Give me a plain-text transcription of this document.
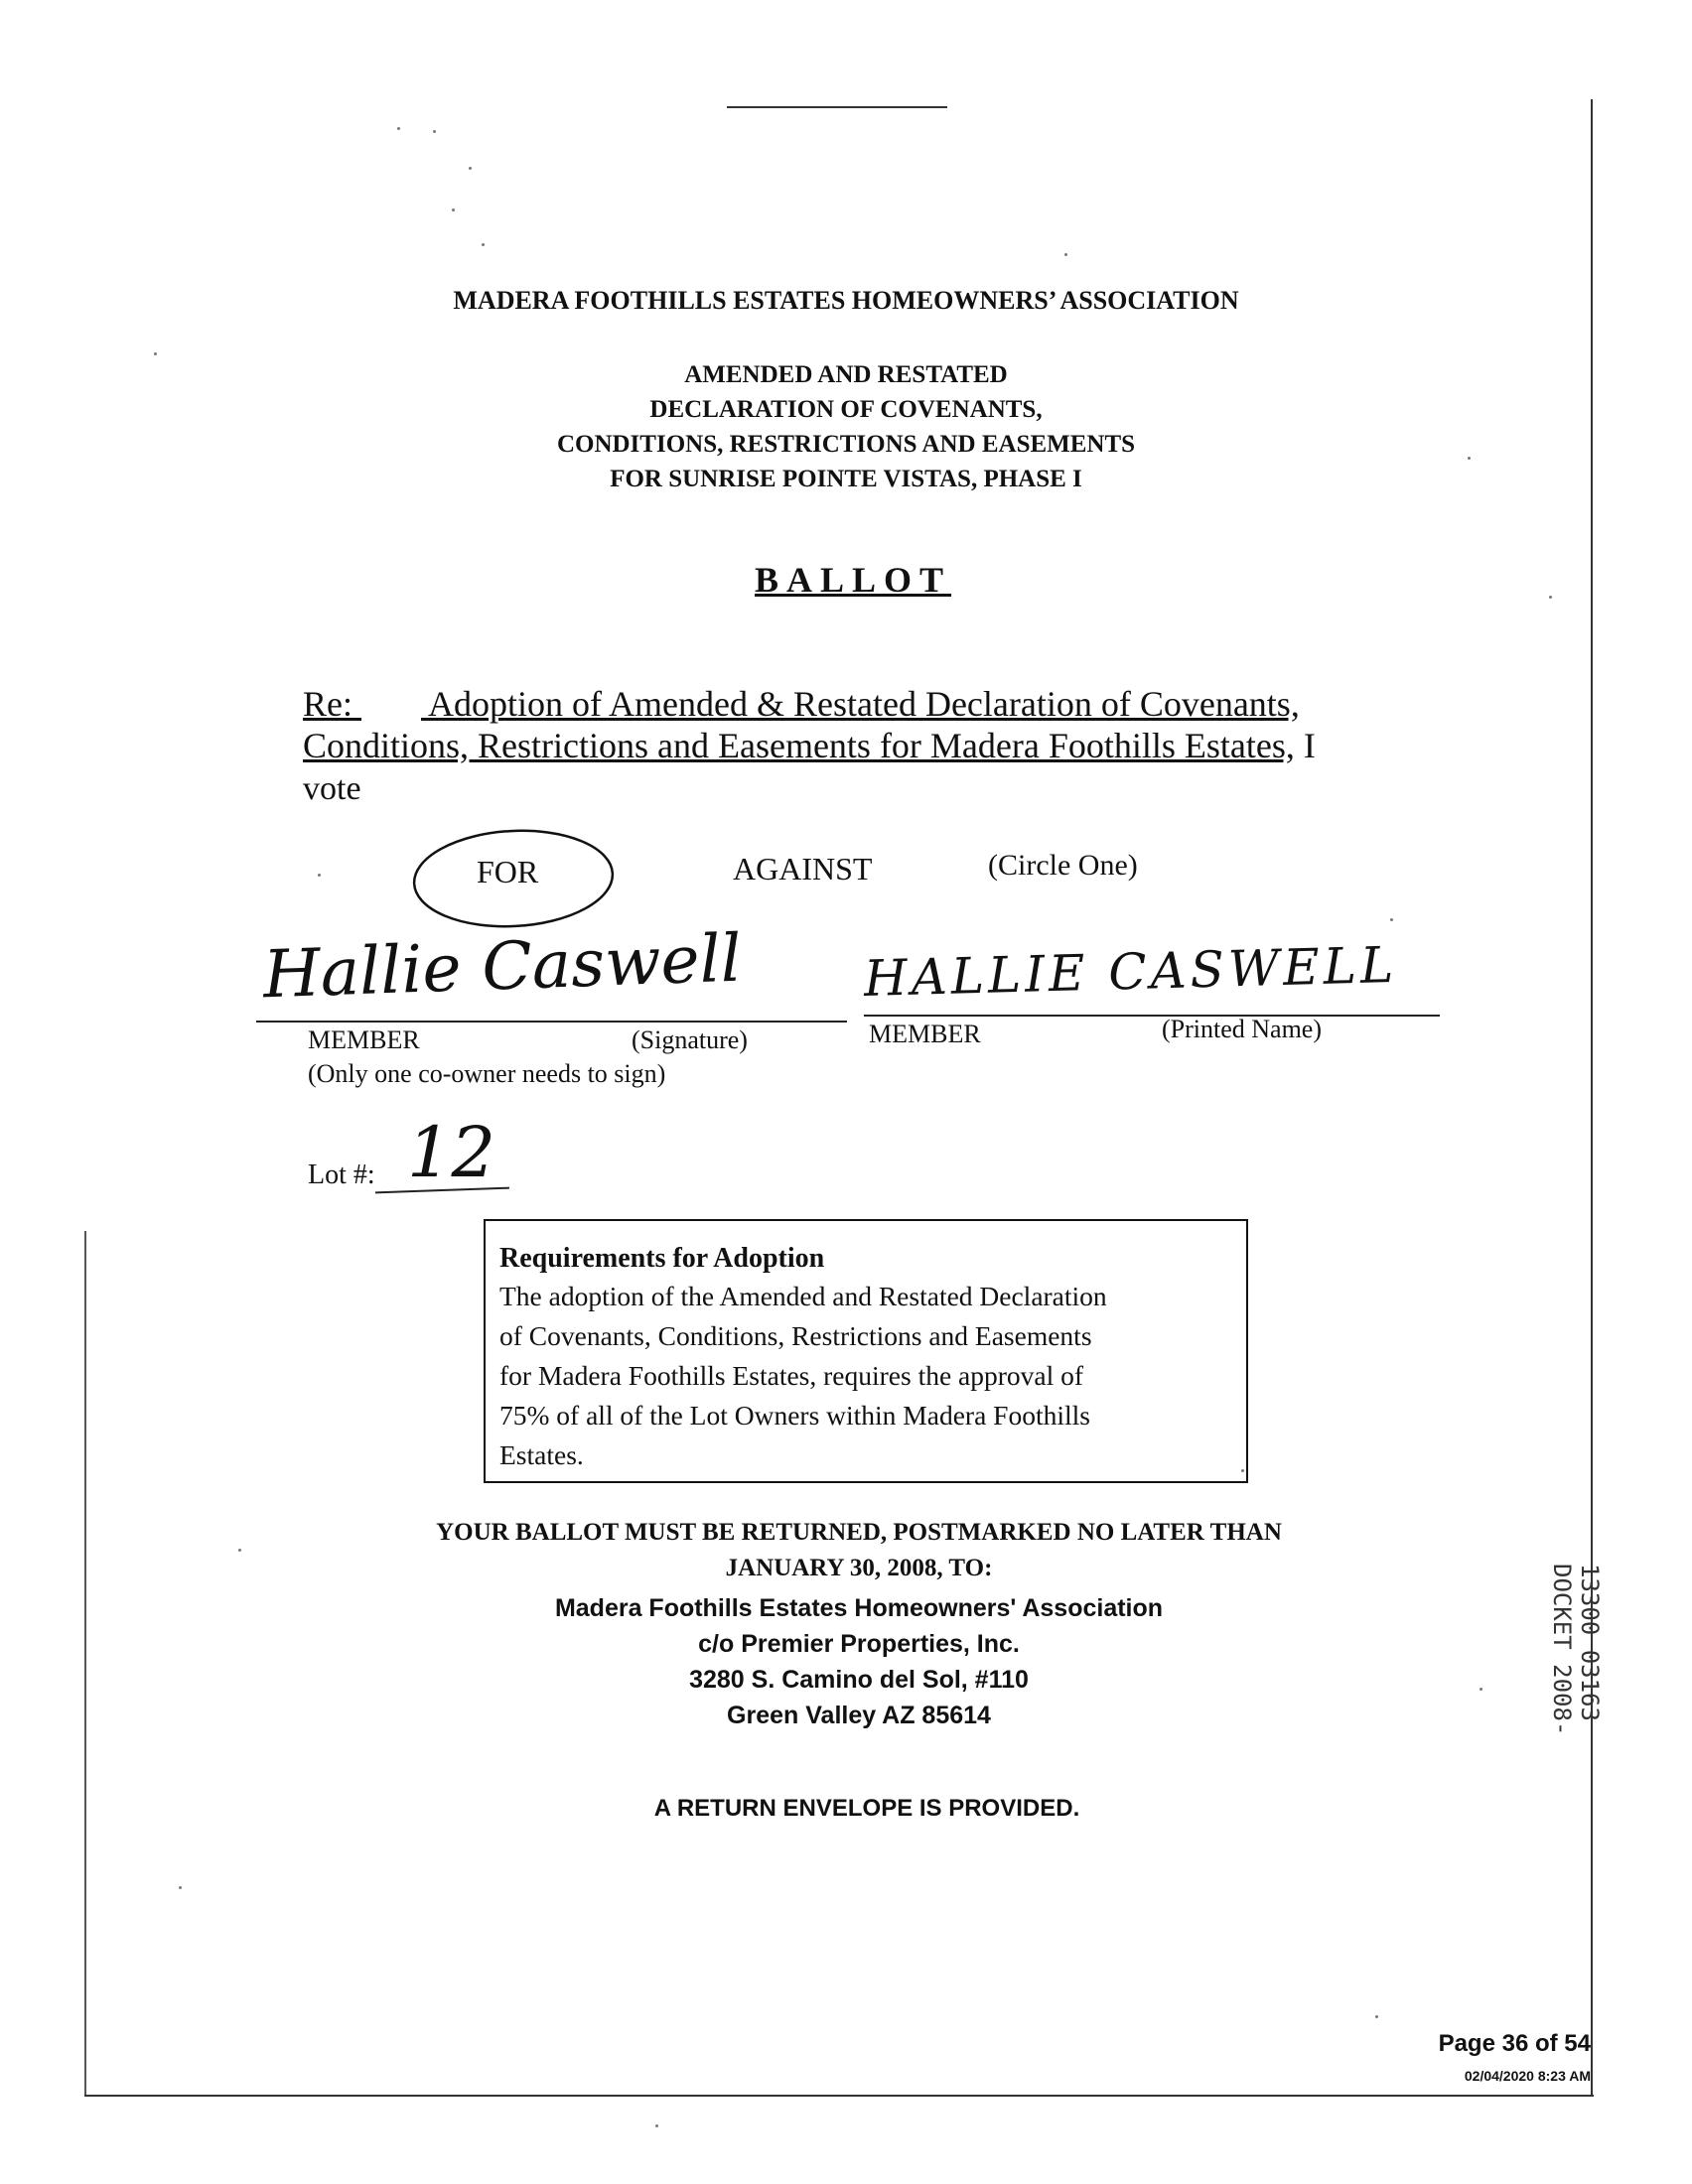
MADERA FOOTHILLS ESTATES HOMEOWNERS’ ASSOCIATION
AMENDED AND RESTATED
DECLARATION OF COVENANTS,
CONDITIONS, RESTRICTIONS AND EASEMENTS
FOR SUNRISE POINTE VISTAS, PHASE I
BALLOT
Re: Adoption of Amended & Restated Declaration of Covenants,
Conditions, Restrictions and Easements for Madera Foothills Estates, I
vote
FOR	AGAINST	(Circle One)
Hallie Caswell
MEMBER	(Signature)
(Only one co-owner needs to sign)
HALLIE CASWELL
MEMBER	(Printed Name)
Lot #: 12
Requirements for Adoption
The adoption of the Amended and Restated Declaration
of Covenants, Conditions, Restrictions and Easements
for Madera Foothills Estates, requires the approval of
75% of all of the Lot Owners within Madera Foothills
Estates.
YOUR BALLOT MUST BE RETURNED, POSTMARKED NO LATER THAN
JANUARY 30, 2008, TO:
Madera Foothills Estates Homeowners' Association
c/o Premier Properties, Inc.
3280 S. Camino del Sol, #110
Green Valley AZ 85614
A RETURN ENVELOPE IS PROVIDED.
13300 03163
DOCKET 2008-
Page 36 of 54
02/04/2020 8:23 AM
